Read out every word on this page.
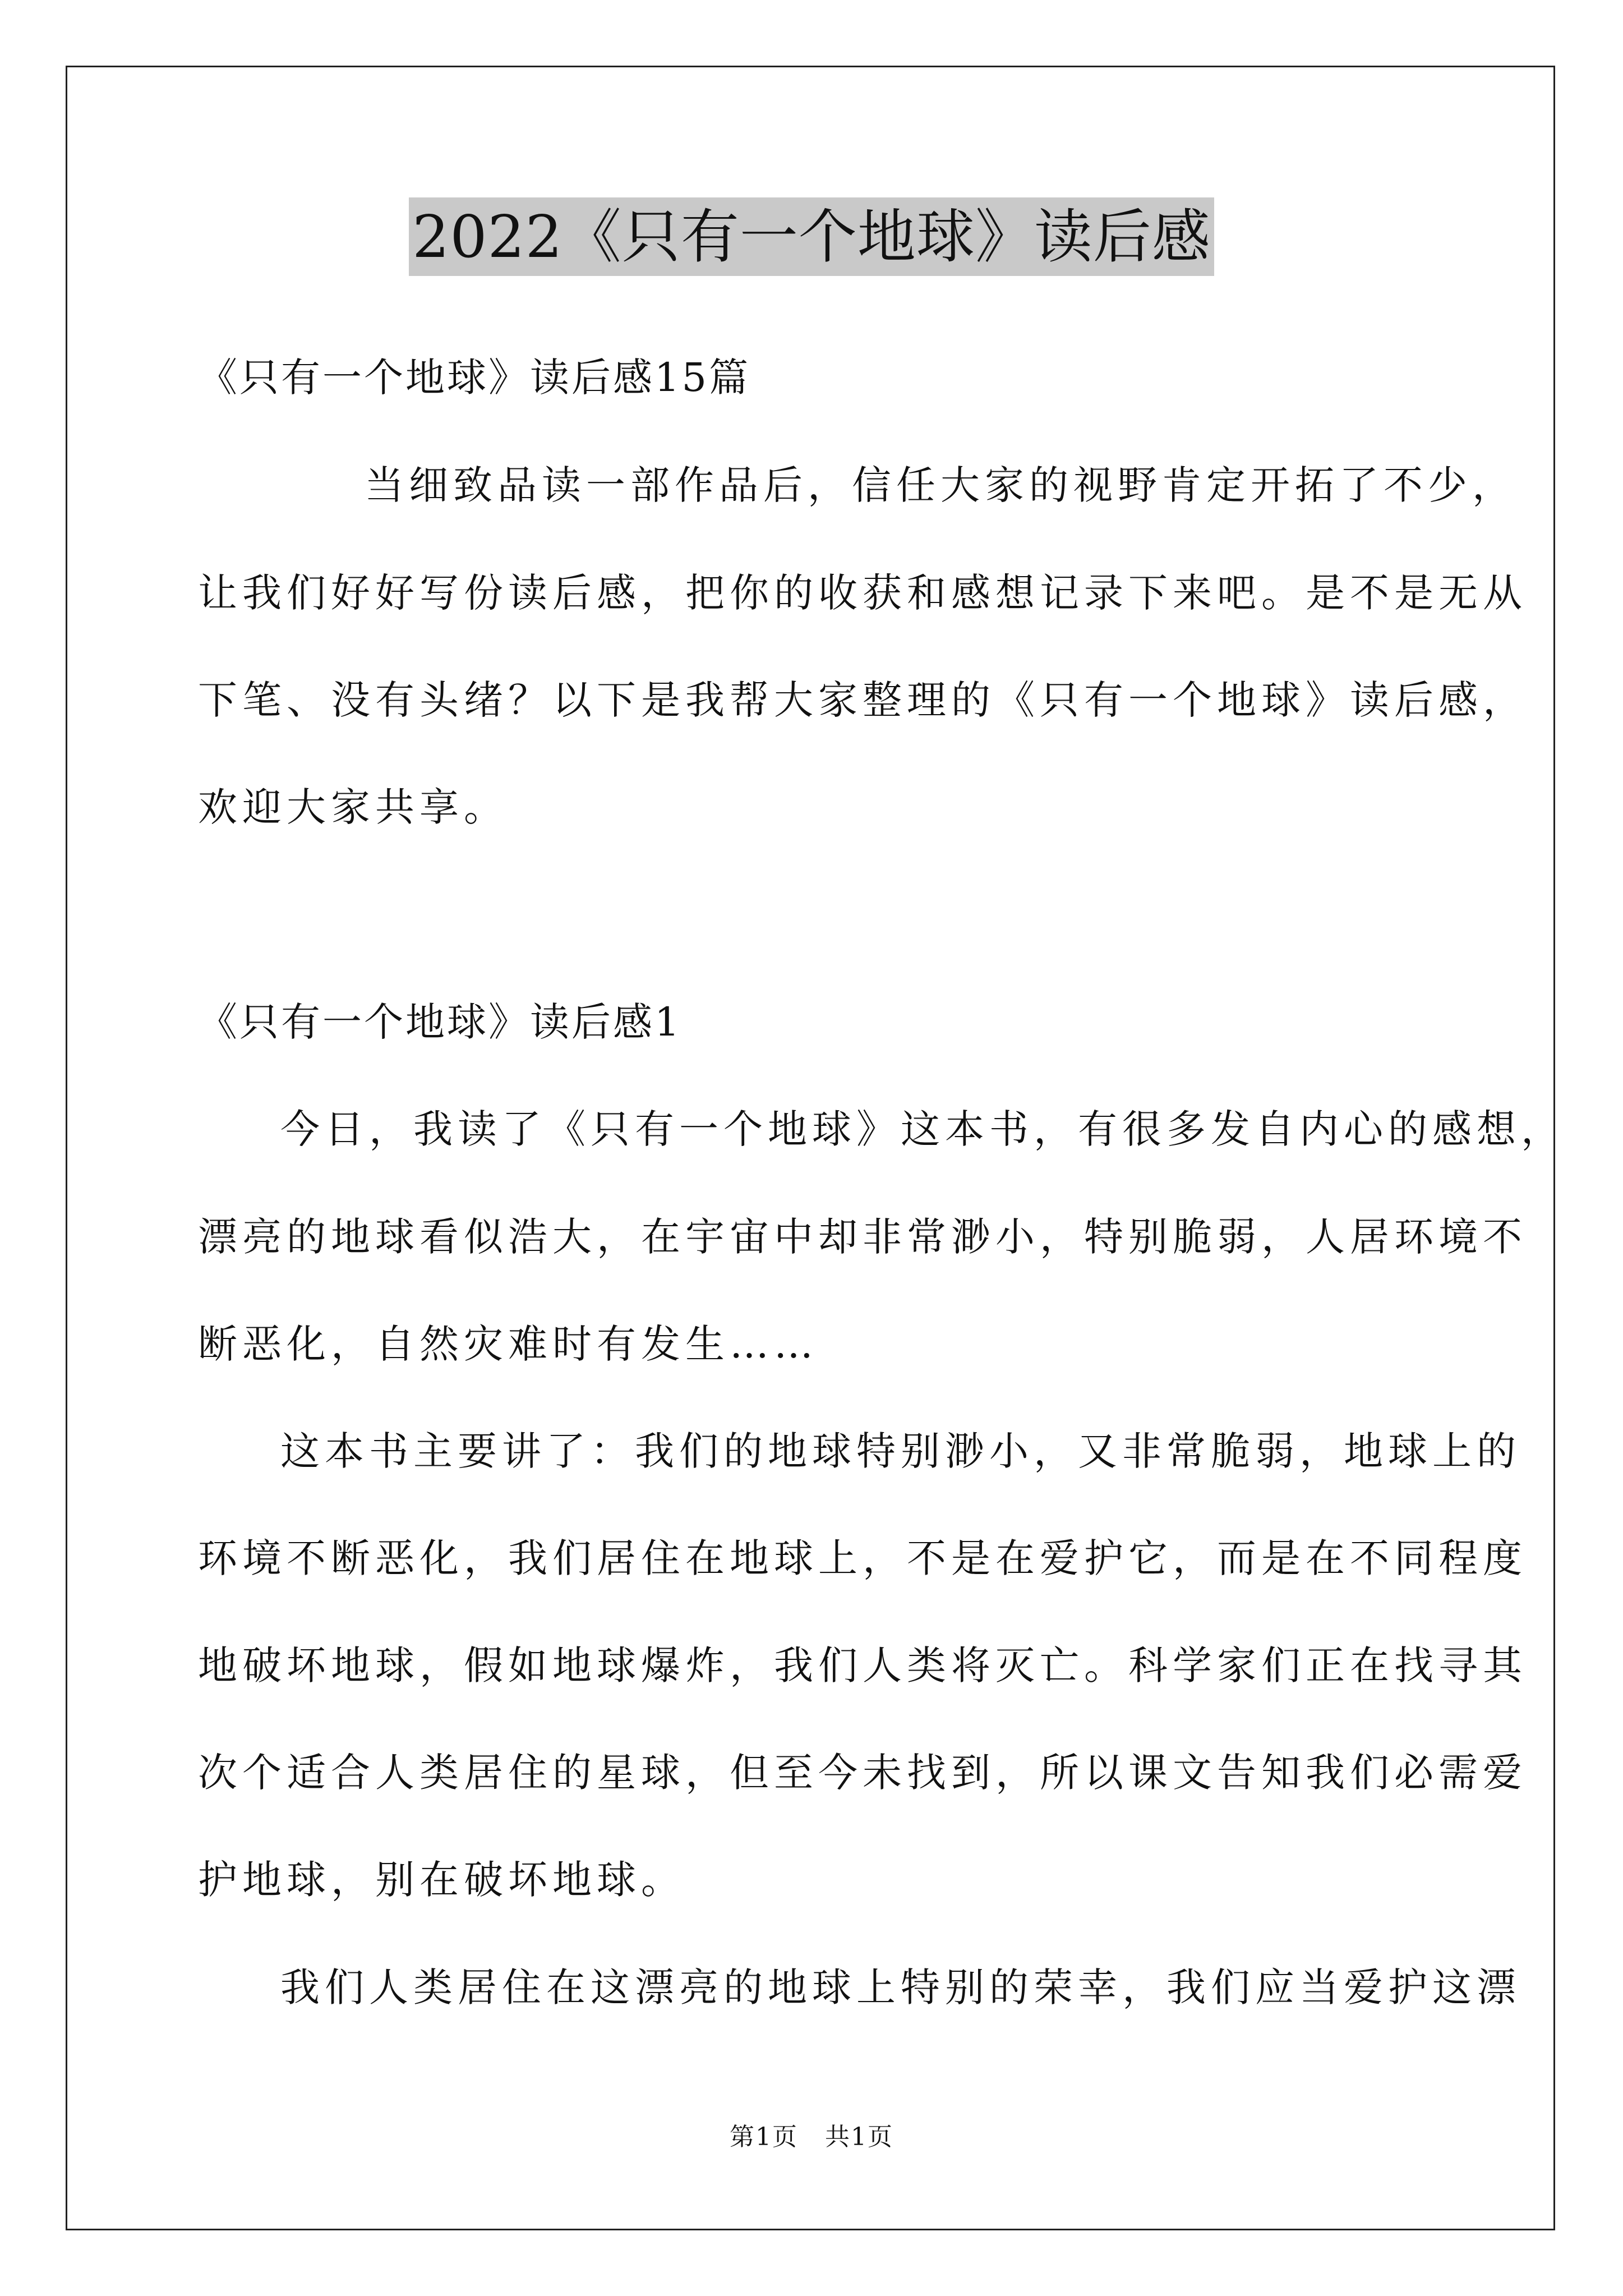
2022《只有一个地球》读后感
《只有一个地球》读后感15篇
当细致品读一部作品后，信任大家的视野肯定开拓了不少，
让我们好好写份读后感，把你的收获和感想记录下来吧。是不是无从
下笔、没有头绪？以下是我帮大家整理的《只有一个地球》读后感，
欢迎大家共享。
《只有一个地球》读后感1
今日，我读了《只有一个地球》这本书，有很多发自内心的感想，
漂亮的地球看似浩大，在宇宙中却非常渺小，特别脆弱，人居环境不
断恶化，自然灾难时有发生……
这本书主要讲了：我们的地球特别渺小，又非常脆弱，地球上的
环境不断恶化，我们居住在地球上，不是在爱护它，而是在不同程度
地破坏地球，假如地球爆炸，我们人类将灭亡。科学家们正在找寻其
次个适合人类居住的星球，但至今未找到，所以课文告知我们必需爱
护地球，别在破坏地球。
我们人类居住在这漂亮的地球上特别的荣幸，我们应当爱护这漂
第1页 共1页
